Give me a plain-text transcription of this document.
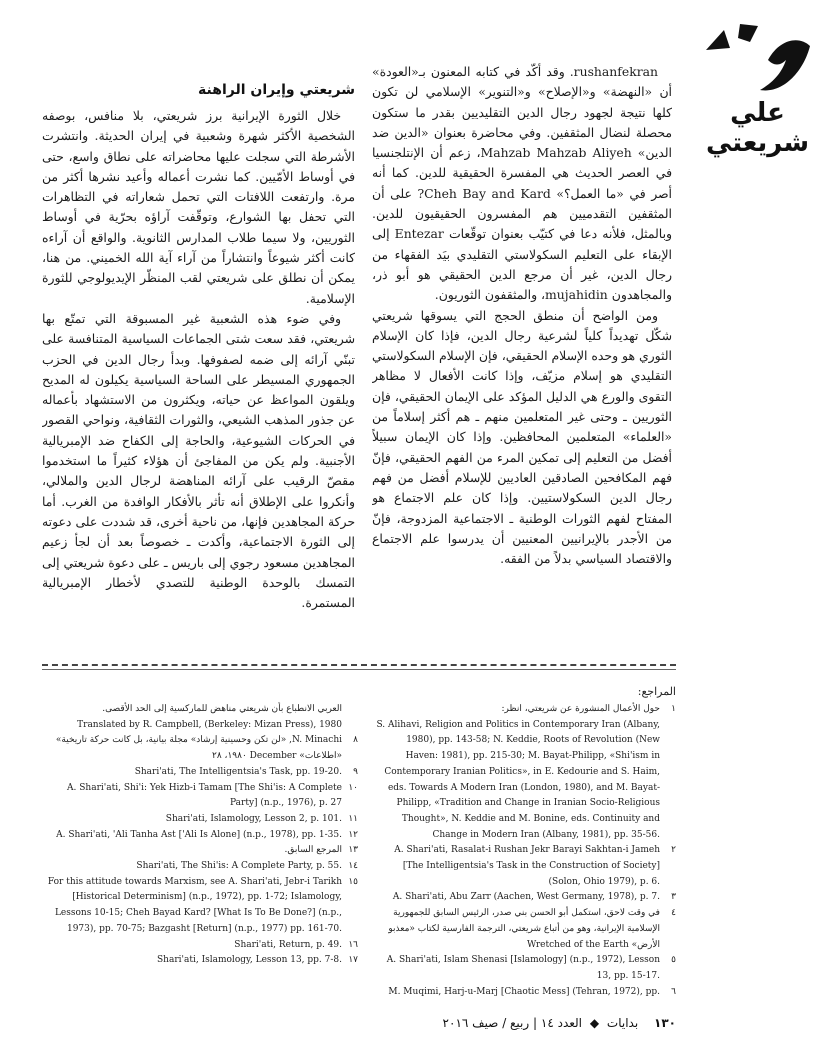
علي شريعتي
شريعتي وإيران الراهنة

rushanfekran. وقد أكّد في كتابه المعنون بـ«العودة» أن «النهضة» و«الإصلاح» و«التنوير» الإسلامي لن تكون كلها نتيجة لجهود رجال الدين التقليديين بقدر ما ستكون محصلة لنضال المثقفين. وفي محاضرة بعنوان «الدين ضد الدين» Mahzab Mahzab Aliyeh، زعم أن الإنتلجنسيا في العصر الحديث هي المفسرة الحقيقية للدين. كما أنه أصر في «ما العمل؟» Cheh Bay and Kard? على أن المثقفين التقدميين هم المفسرون الحقيقيون للدين. وبالمثل، فلأنه دعا في كتيّب بعنوان توقّعات Entezar إلى الإبقاء على التعليم السكولاستي التقليدي بيَد الفقهاء من رجال الدين، غير أن مرجع الدين الحقيقي هو أبو ذر، والمجاهدون mujahidin، والمثقفون الثوريون.

ومن الواضح أن منطق الحجج التي يسوقها شريعتي شكّل تهديداً كلياً لشرعية رجال الدين، فإذا كان الإسلام الثوري هو وحده الإسلام الحقيقي، فإن الإسلام السكولاستي التقليدي هو إسلام مزيّف، وإذا كانت الأفعال لا مظاهر التقوى والورع هي الدليل المؤكد على الإيمان الحقيقي، فإن الثوريين ـ وحتى غير المتعلمين منهم ـ هم أكثر إسلاماً من «العلماء» المتعلمين المحافظين. وإذا كان الإيمان سبيلاً أفضل من التعليم إلى تمكين المرء من الفهم الحقيقي، فإنّ فهم المكافحين الصادقين العاديين للإسلام أفضل من فهم رجال الدين السكولاستيين. وإذا كان علم الاجتماع هو المفتاح لفهم الثورات الوطنية ـ الاجتماعية المزدوجة، فإنّ من الأجدر بالإيرانيين المعنيين أن يدرسوا علم الاجتماع والاقتصاد السياسي بدلاً من الفقه.

خلال الثورة الإيرانية برز شريعتي، بلا منافس، بوصفه الشخصية الأكثر شهرة وشعبية في إيران الحديثة. وانتشرت الأشرطة التي سجلت عليها محاضراته على نطاق واسع، حتى في أوساط الأمّيين. كما نشرت أعماله وأعيد نشرها أكثر من مرة. وارتفعت اللافتات التي تحمل شعاراته في التظاهرات التي تحفل بها الشوارع، وتوقّفت آراؤه بحرّية في أوساط الثوريين، ولا سيما طلاب المدارس الثانوية. والواقع أن آراءه كانت أكثر شيوعاً وانتشاراً من آراء آية الله الخميني. من هنا، يمكن أن نطلق على شريعتي لقب المنظّر الإيديولوجي للثورة الإسلامية.

وفي ضوء هذه الشعبية غير المسبوقة التي تمتّع بها شريعتي، فقد سعت شتى الجماعات السياسية المتنافسة على تبنّي آرائه إلى ضمه لصفوفها. وبدأ رجال الدين في الحزب الجمهوري المسيطر على الساحة السياسية يكيلون له المديح ويلقون المواعظ عن حياته، ويكثرون من الاستشهاد بأعماله عن جذور المذهب الشيعي، والثورات الثقافية، ونواحي القصور في الحركات الشيوعية، والحاجة إلى الكفاح ضد الإمبريالية الأجنبية. ولم يكن من المفاجئ أن هؤلاء كثيراً ما استخدموا مقصّ الرقيب على آرائه المناهضة لرجال الدين والملالي، وأنكروا على الإطلاق أنه تأثر بالأفكار الوافدة من الغرب. أما حركة المجاهدين فإنها، من ناحية أخرى، قد شددت على دعوته إلى الثورة الاجتماعية، وأكدت ـ خصوصاً بعد أن لجأ زعيم المجاهدين مسعود رجوي إلى باريس ـ على دعوة شريعتي إلى التمسك بالوحدة الوطنية للتصدي لأخطار الإمبريالية المستمرة.

المراجع:
١
حول الأعمال المنشورة عن شريعتي، انظر:
S. Alihavi, Religion and Politics in Contemporary Iran (Albany, 1980), pp. 143-58; N. Keddie, Roots of Revolution (New Haven: 1981), pp. 215-30; M. Bayat-Philipp, «Shi'ism in Contemporary Iranian Politics», in E. Kedourie and S. Haim, eds. Towards A Modern Iran (London, 1980), and M. Bayat-Philipp, «Tradition and Change in Iranian Socio-Religious Thought», N. Keddie and M. Bonine, eds. Continuity and Change in Modern Iran (Albany, 1981), pp. 35-56.
٢
A. Shari'ati, Rasalat-i Rushan Jekr Barayi Sakhtan-i Jameh [The Intelligentsia's Task in the Construction of Society] (Solon, Ohio 1979), p. 6.
٣
A. Shari'ati, Abu Zarr (Aachen, West Germany, 1978), p. 7.
٤
في وقت لاحق، استكمل أبو الحسن بني صدر، الرئيس السابق للجمهورية الإسلامية الإيرانية، وهو من أتباع شريعتي، الترجمة الفارسية لكتاب «معذبو الأرض» Wretched of the Earth
٥
A. Shari'ati, Islam Shenasi [Islamology] (n.p., 1972), Lesson 13, pp. 15-17.
٦
M. Muqimi, Harj-u-Marj [Chaotic Mess] (Tehran, 1972), pp.
العربي الانطباع بأن شريعتي مناهض للماركسية إلى الحد الأقصى.
Translated by R. Campbell, (Berkeley: Mizan Press), 1980
٨
N. Minachi, «لن تكن وحسينية إرشاد» مجلة بيانية، بل كانت حركة تاريخية» «اطلاعات» December ١٩٨٠، ٢٨
٩
Shari'ati, The Intelligentsia's Task, pp. 19-20.
١٠
A. Shari'ati, Shi'i: Yek Hizb-i Tamam [The Shi'is: A Complete Party] (n.p., 1976), p. 27
١١
Shari'ati, Islamology, Lesson 2, p. 101.
١٢
A. Shari'ati, 'Ali Tanha Ast ['Ali Is Alone] (n.p., 1978), pp. 1-35.
١٣
المرجع السابق.
١٤
Shari'ati, The Shi'is: A Complete Party, p. 55.
١٥
For this attitude towards Marxism, see A. Shari'ati, Jebr-i Tarikh [Historical Determinism] (n.p., 1972), pp. 1-72; Islamology, Lessons 10-15; Cheh Bayad Kard? [What Is To Be Done?] (n.p., 1973), pp. 70-75; Bazgasht [Return] (n.p., 1977) pp. 161-70.
١٦
Shari'ati, Return, p. 49.
١٧
Shari'ati, Islamology, Lesson 13, pp. 7-8.
١٣٠ بدايات ◆ العدد ١٤ | ربيع / صيف ٢٠١٦
